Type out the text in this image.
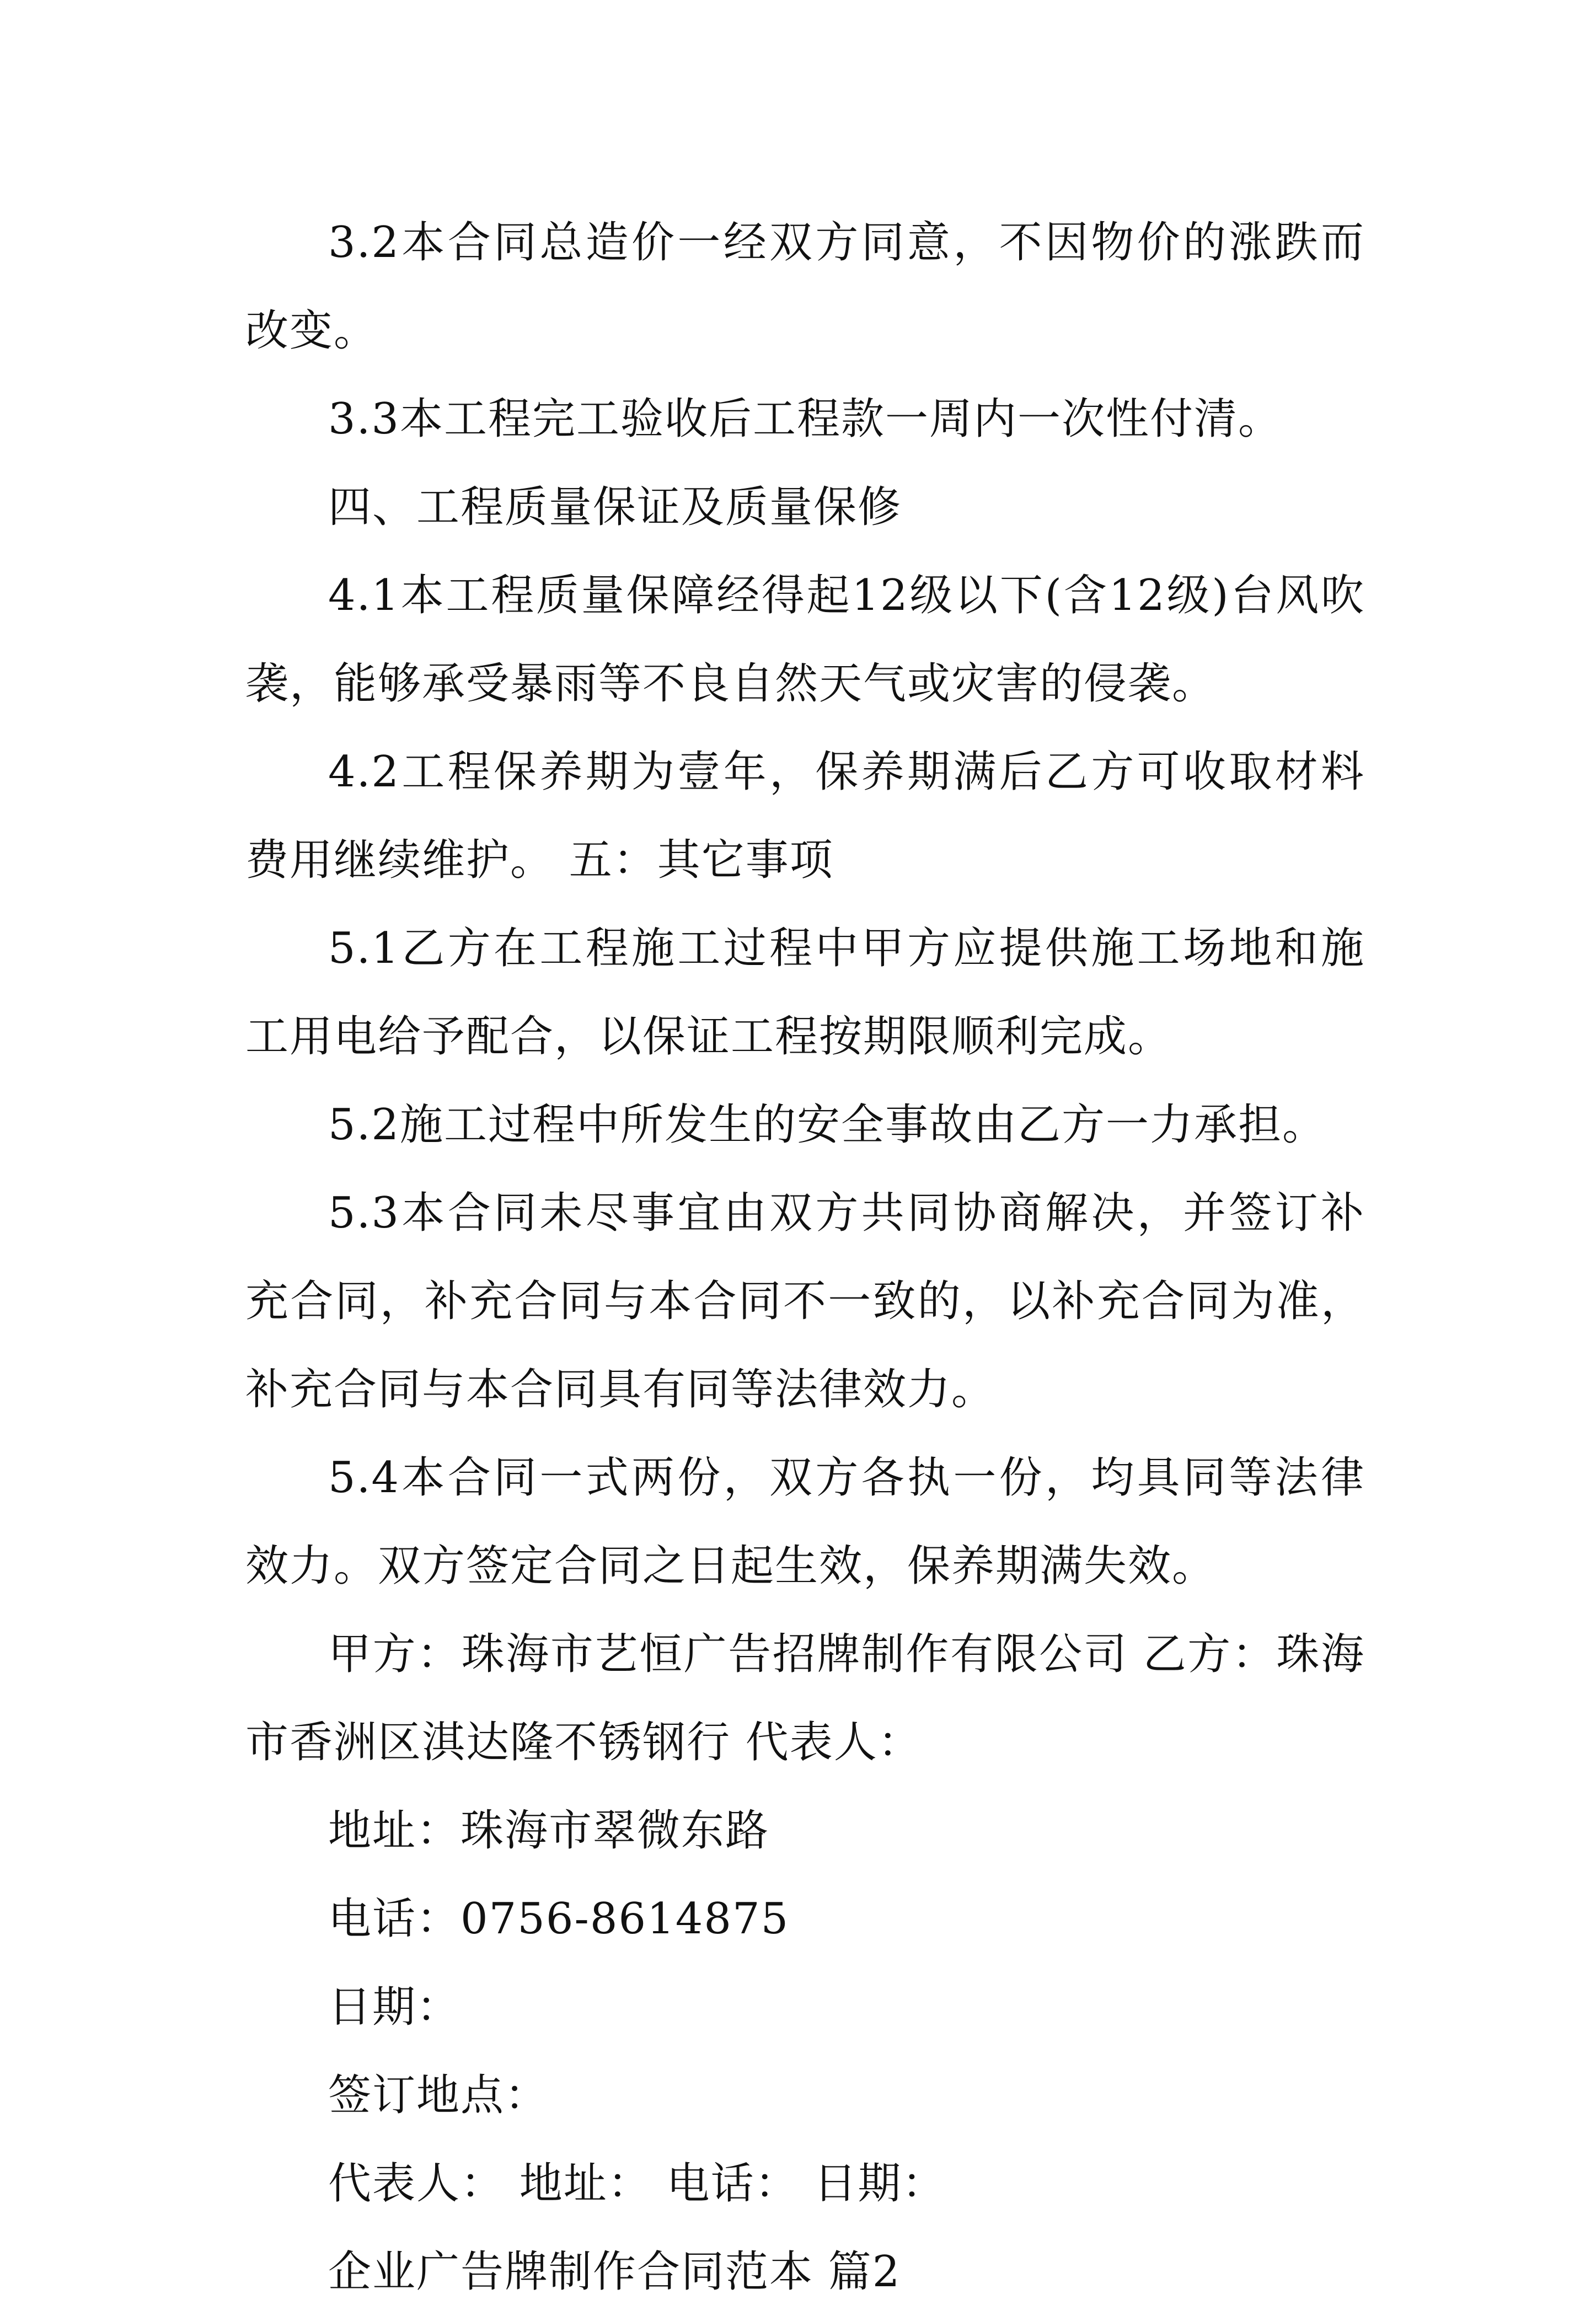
3.2本合同总造价一经双方同意，不因物价的涨跌而改变。

3.3本工程完工验收后工程款一周内一次性付清。

四、工程质量保证及质量保修

4.1本工程质量保障经得起12级以下(含12级)台风吹袭，能够承受暴雨等不良自然天气或灾害的侵袭。

4.2工程保养期为壹年，保养期满后乙方可收取材料费用继续维护。 五：其它事项

5.1乙方在工程施工过程中甲方应提供施工场地和施工用电给予配合，以保证工程按期限顺利完成。

5.2施工过程中所发生的安全事故由乙方一力承担。

5.3本合同未尽事宜由双方共同协商解决，并签订补充合同，补充合同与本合同不一致的，以补充合同为准，补充合同与本合同具有同等法律效力。

5.4本合同一式两份，双方各执一份，均具同等法律效力。双方签定合同之日起生效，保养期满失效。

甲方：珠海市艺恒广告招牌制作有限公司 乙方：珠海市香洲区淇达隆不锈钢行 代表人：

地址：珠海市翠微东路

电话：0756-8614875

日期：

签订地点：

代表人： 地址： 电话： 日期：

企业广告牌制作合同范本 篇2
